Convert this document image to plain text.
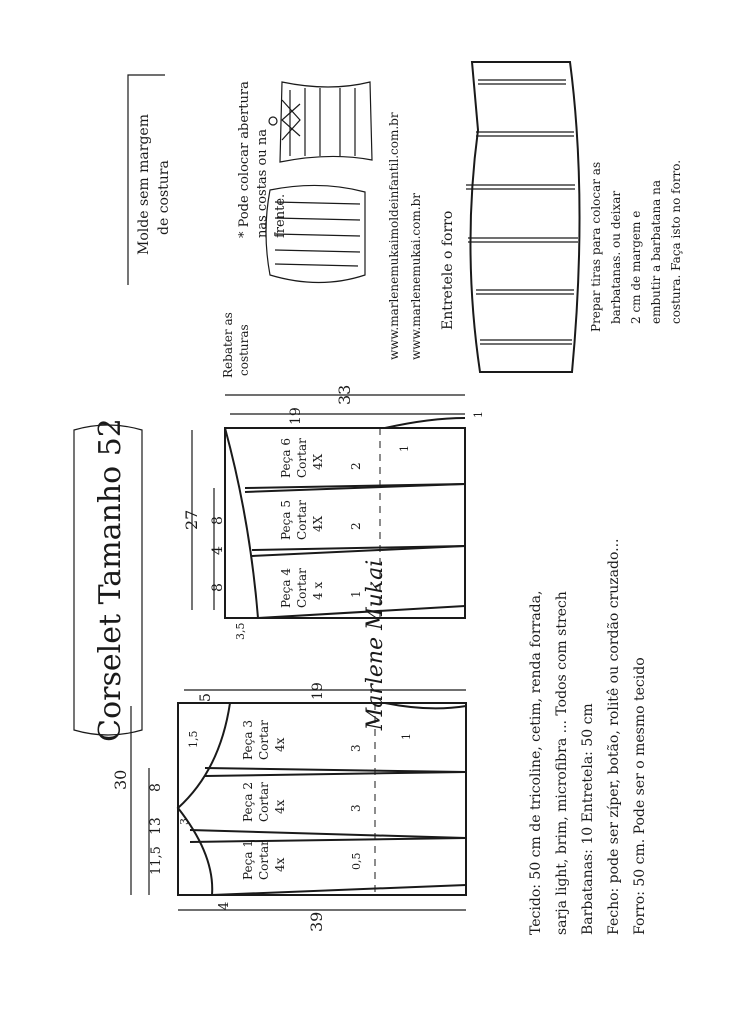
Corselet Tamanho 52	Marlene Mukai
30
39
11,5
13
8
5	19
3
4
1,5
0,5
3
3
1
Peça 1 Cortar 4x
Peça 2 Cortar 4x
Peça 3 Cortar 4x
33
27
8
4
8
19
3,5
1
2
2
1
1
Peça 4 Cortar 4 x
Peça 5 Cortar 4X
Peça 6 Cortar 4X
Molde sem margem de costura	* Pode colocar abertura nas costas ou na frente.
Rebater as costuras	www.marlenemukaimoldeinfantil.com.br www.marlenemukai.com.br Entretele o forro	Prepar tiras para colocar as barbatanas. ou deixar 2 cm de margem e embutir a barbatana na costura. Faça isto no forro.
Tecido: 50 cm de tricoline, cetim, renda forrada, sarja light, brim, microfibra ... Todos com strech Barbatanas: 10 Entretela: 50 cm Fecho: pode ser zíper, botão, rolitê ou cordão cruzado... Forro: 50 cm. Pode ser o mesmo tecido
